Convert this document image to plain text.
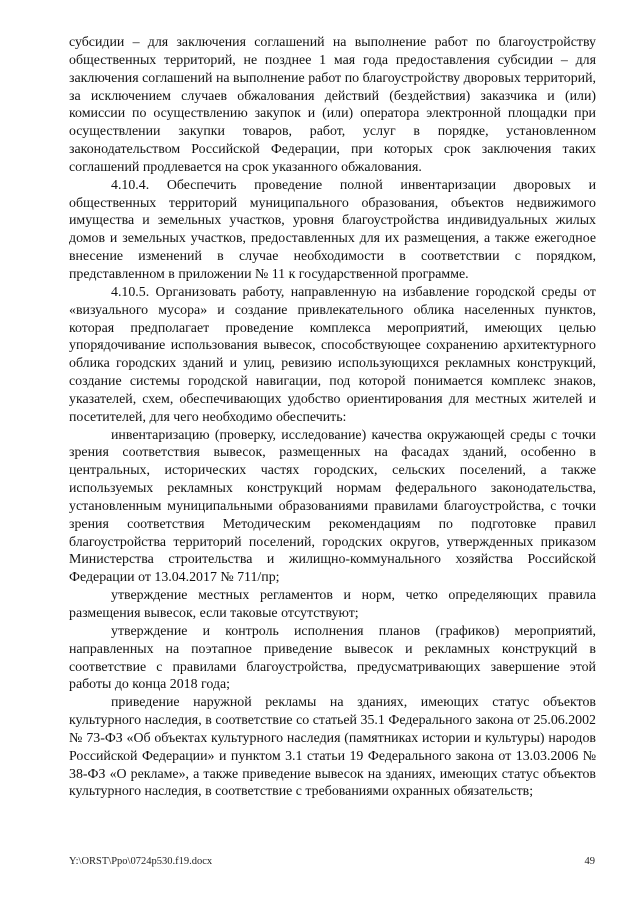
субсидии – для заключения соглашений на выполнение работ по благоустройству общественных территорий, не позднее 1 мая года предоставления субсидии – для заключения соглашений на выполнение работ по благоустройству дворовых территорий, за исключением случаев обжалования действий (бездействия) заказчика и (или) комиссии по осуществлению закупок и (или) оператора электронной площадки при осуществлении закупки товаров, работ, услуг в порядке, установленном законодательством Российской Федерации, при которых срок заключения таких соглашений продлевается на срок указанного обжалования.

4.10.4. Обеспечить проведение полной инвентаризации дворовых и общественных территорий муниципального образования, объектов недвижимого имущества и земельных участков, уровня благоустройства индивидуальных жилых домов и земельных участков, предоставленных для их размещения, а также ежегодное внесение изменений в случае необходимости в соответствии с порядком, представленном в приложении № 11 к государственной программе.

4.10.5. Организовать работу, направленную на избавление городской среды от «визуального мусора» и создание привлекательного облика населенных пунктов, которая предполагает проведение комплекса мероприятий, имеющих целью упорядочивание использования вывесок, способствующее сохранению архитектурного облика городских зданий и улиц, ревизию использующихся рекламных конструкций, создание системы городской навигации, под которой понимается комплекс знаков, указателей, схем, обеспечивающих удобство ориентирования для местных жителей и посетителей, для чего необходимо обеспечить:

инвентаризацию (проверку, исследование) качества окружающей среды с точки зрения соответствия вывесок, размещенных на фасадах зданий, особенно в центральных, исторических частях городских, сельских поселений, а также используемых рекламных конструкций нормам федерального законодательства, установленным муниципальными образованиями правилами благоустройства, с точки зрения соответствия Методическим рекомендациям по подготовке правил благоустройства территорий поселений, городских округов, утвержденных приказом Министерства строительства и жилищно-коммунального хозяйства Российской Федерации от 13.04.2017 № 711/пр;

утверждение местных регламентов и норм, четко определяющих правила размещения вывесок, если таковые отсутствуют;

утверждение и контроль исполнения планов (графиков) мероприятий, направленных на поэтапное приведение вывесок и рекламных конструкций в соответствие с правилами благоустройства, предусматривающих завершение этой работы до конца 2018 года;

приведение наружной рекламы на зданиях, имеющих статус объектов культурного наследия, в соответствие со статьей 35.1 Федерального закона от 25.06.2002 № 73-ФЗ «Об объектах культурного наследия (памятниках истории и культуры) народов Российской Федерации» и пунктом 3.1 статьи 19 Федерального закона от 13.03.2006 № 38-ФЗ «О рекламе», а также приведение вывесок на зданиях, имеющих статус объектов культурного наследия, в соответствие с требованиями охранных обязательств;

Y:\ORST\Ppo\0724p530.f19.docx	49
